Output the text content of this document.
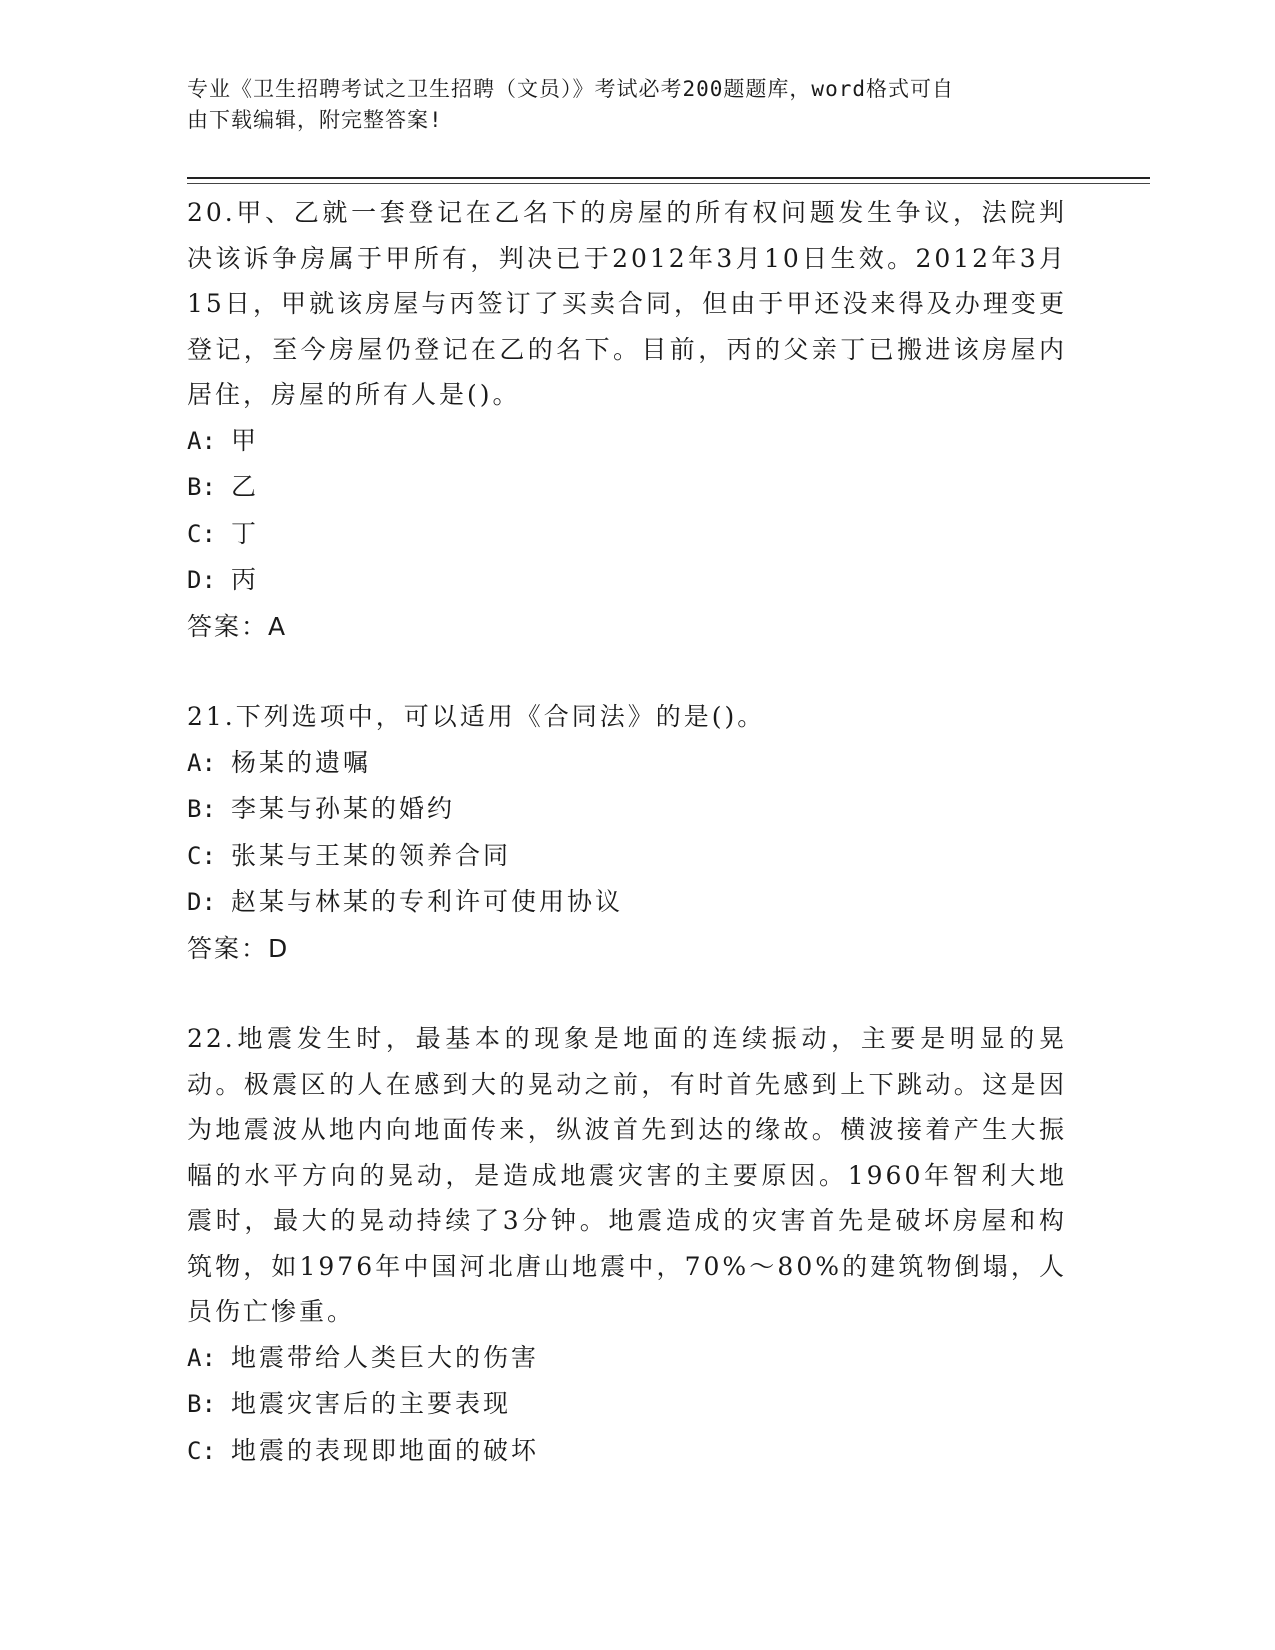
专业《卫生招聘考试之卫生招聘（文员）》考试必考200题题库，word格式可自
由下载编辑，附完整答案!

20.甲、乙就一套登记在乙名下的房屋的所有权问题发生争议，法院判决该诉争房属于甲所有，判决已于2012年3月10日生效。2012年3月15日，甲就该房屋与丙签订了买卖合同，但由于甲还没来得及办理变更登记，至今房屋仍登记在乙的名下。目前，丙的父亲丁已搬进该房屋内居住，房屋的所有人是()。

A: 甲

B: 乙

C: 丁

D: 丙

答案：A

21.下列选项中，可以适用《合同法》的是()。

A: 杨某的遗嘱

B: 李某与孙某的婚约

C: 张某与王某的领养合同

D: 赵某与林某的专利许可使用协议

答案：D

22.地震发生时，最基本的现象是地面的连续振动，主要是明显的晃动。极震区的人在感到大的晃动之前，有时首先感到上下跳动。这是因为地震波从地内向地面传来，纵波首先到达的缘故。横波接着产生大振幅的水平方向的晃动，是造成地震灾害的主要原因。1960年智利大地震时，最大的晃动持续了3分钟。地震造成的灾害首先是破坏房屋和构筑物，如1976年中国河北唐山地震中，70%～80%的建筑物倒塌，人员伤亡惨重。

A: 地震带给人类巨大的伤害

B: 地震灾害后的主要表现

C: 地震的表现即地面的破坏
